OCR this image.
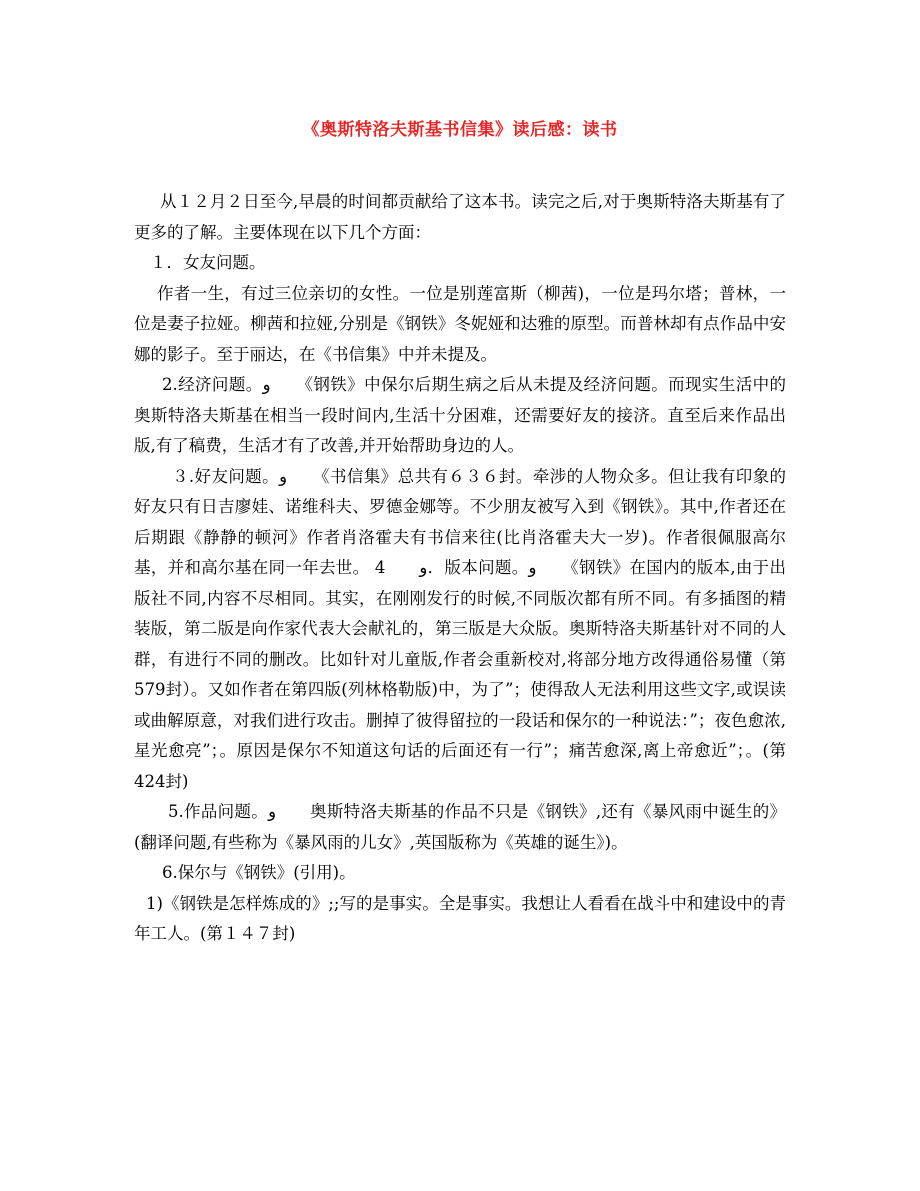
《奥斯特洛夫斯基书信集》读后感：读书

从１２月２日至今,早晨的时间都贡献给了这本书。读完之后,对于奥斯特洛夫斯基有了更多的了解。主要体现在以下几个方面：

１．女友问题。

作者一生，有过三位亲切的女性。一位是别莲富斯（柳茜)，一位是玛尔塔；普林，一位是妻子拉娅。柳茜和拉娅,分别是《钢铁》冬妮娅和达雅的原型。而普林却有点作品中安娜的影子。至于丽达，在《书信集》中并未提及。

2.经济问题。و　　《钢铁》中保尔后期生病之后从未提及经济问题。而现实生活中的奥斯特洛夫斯基在相当一段时间内,生活十分困难，还需要好友的接济。直至后来作品出版,有了稿费，生活才有了改善,并开始帮助身边的人。

３.好友问题。و　　《书信集》总共有６３６封。牵涉的人物众多。但让我有印象的好友只有日吉廖娃、诺维科夫、罗德金娜等。不少朋友被写入到《钢铁》。其中,作者还在后期跟《静静的顿河》作者肖洛霍夫有书信来往(比肖洛霍夫大一岁)。作者很佩服高尔基，并和高尔基在同一年去世。 4　　و．版本问题。و　　《钢铁》在国内的版本,由于出版社不同,内容不尽相同。其实，在刚刚发行的时候,不同版次都有所不同。有多插图的精装版，第二版是向作家代表大会献礼的，第三版是大众版。奥斯特洛夫斯基针对不同的人群，有进行不同的删改。比如针对儿童版,作者会重新校对,将部分地方改得通俗易懂（第579封）。又如作者在第四版(列林格勒版)中，为了”；使得敌人无法利用这些文字,或误读或曲解原意，对我们进行攻击。删掉了彼得留拉的一段话和保尔的一种说法：”；夜色愈浓,星光愈亮”；。原因是保尔不知道这句话的后面还有一行”；痛苦愈深,离上帝愈近”；。(第424封)

5.作品问题。و　　奥斯特洛夫斯基的作品不只是《钢铁》,还有《暴风雨中诞生的》(翻译问题,有些称为《暴风雨的儿女》,英国版称为《英雄的诞生》)。

6.保尔与《钢铁》(引用)。

1)《钢铁是怎样炼成的》;;写的是事实。全是事实。我想让人看看在战斗中和建设中的青年工人。(第１４７封)
